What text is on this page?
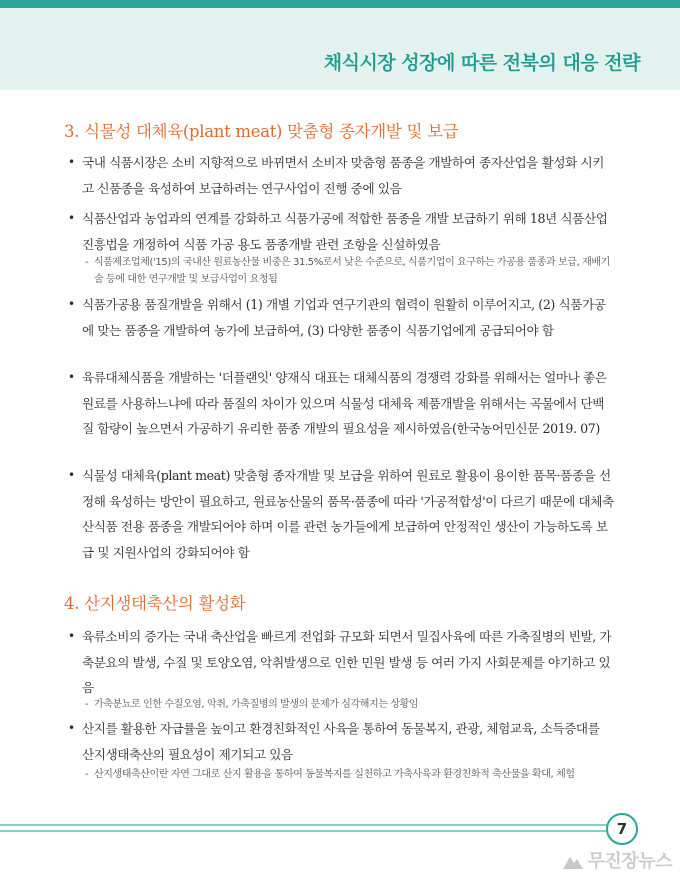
채식시장 성장에 따른 전북의 대응 전략
3. 식물성 대체육(plant meat) 맞춤형 종자개발 및 보급
• 국내 식품시장은 소비 지향적으로 바뀌면서 소비자 맞춤형 품종을 개발하여 종자산업을 활성화 시키고 신품종을 육성하여 보급하려는 연구사업이 진행 중에 있음
• 식품산업과 농업과의 연계를 강화하고 식품가공에 적합한 품종을 개발 보급하기 위해 18년 식품산업진흥법을 개정하여 식품 가공 용도 품종개발 관련 조항을 신설하였음
- 식품제조업체('15)의 국내산 원료농산물 비중은 31.5%로서 낮은 수준으로, 식품기업이 요구하는 가공용 품종과 보급, 재배기술 등에 대한 연구개발 및 보급사업이 요청됨
• 식품가공용 품질개발을 위해서 (1) 개별 기업과 연구기관의 협력이 원활히 이루어지고, (2) 식품가공에 맞는 품종을 개발하여 농가에 보급하여, (3) 다양한 품종이 식품기업에게 공급되어야 함
• 육류대체식품을 개발하는 '더플랜잇' 양재식 대표는 대체식품의 경쟁력 강화를 위해서는 얼마나 좋은 원료를 사용하느냐에 따라 품질의 차이가 있으며 식물성 대체육 제품개발을 위해서는 곡물에서 단백질 함량이 높으면서 가공하기 유리한 품종 개발의 필요성을 제시하였음(한국농어민신문 2019. 07)
• 식물성 대체육(plant meat) 맞춤형 종자개발 및 보급을 위하여 원료로 활용이 용이한 품목·품종을 선정해 육성하는 방안이 필요하고, 원료농산물의 품목·품종에 따라 '가공적합성'이 다르기 때문에 대체축산식품 전용 품종을 개발되어야 하며 이를 관련 농가들에게 보급하여 안정적인 생산이 가능하도록 보급 및 지원사업의 강화되어야 함
4. 산지생태축산의 활성화
• 육류소비의 증가는 국내 축산업을 빠르게 전업화 규모화 되면서 밀집사육에 따른 가축질병의 빈발, 가축분요의 발생, 수질 및 토양오염, 악취발생으로 인한 민원 발생 등 여러 가지 사회문제를 야기하고 있음
- 가축분뇨로 인한 수질오염, 악취, 가축질병의 발생의 문제가 심각해지는 상황임
• 산지를 활용한 자급률을 높이고 환경친화적인 사육을 통하여 동물복지, 관광, 체험교육, 소득증대를 산지생태축산의 필요성이 제기되고 있음
- 산지생태축산이란 자연 그대로 산지 활용을 통하여 동물복지를 실천하고 가축사육과 환경친화적 축산물을 확대, 체험
7
무진장뉴스
